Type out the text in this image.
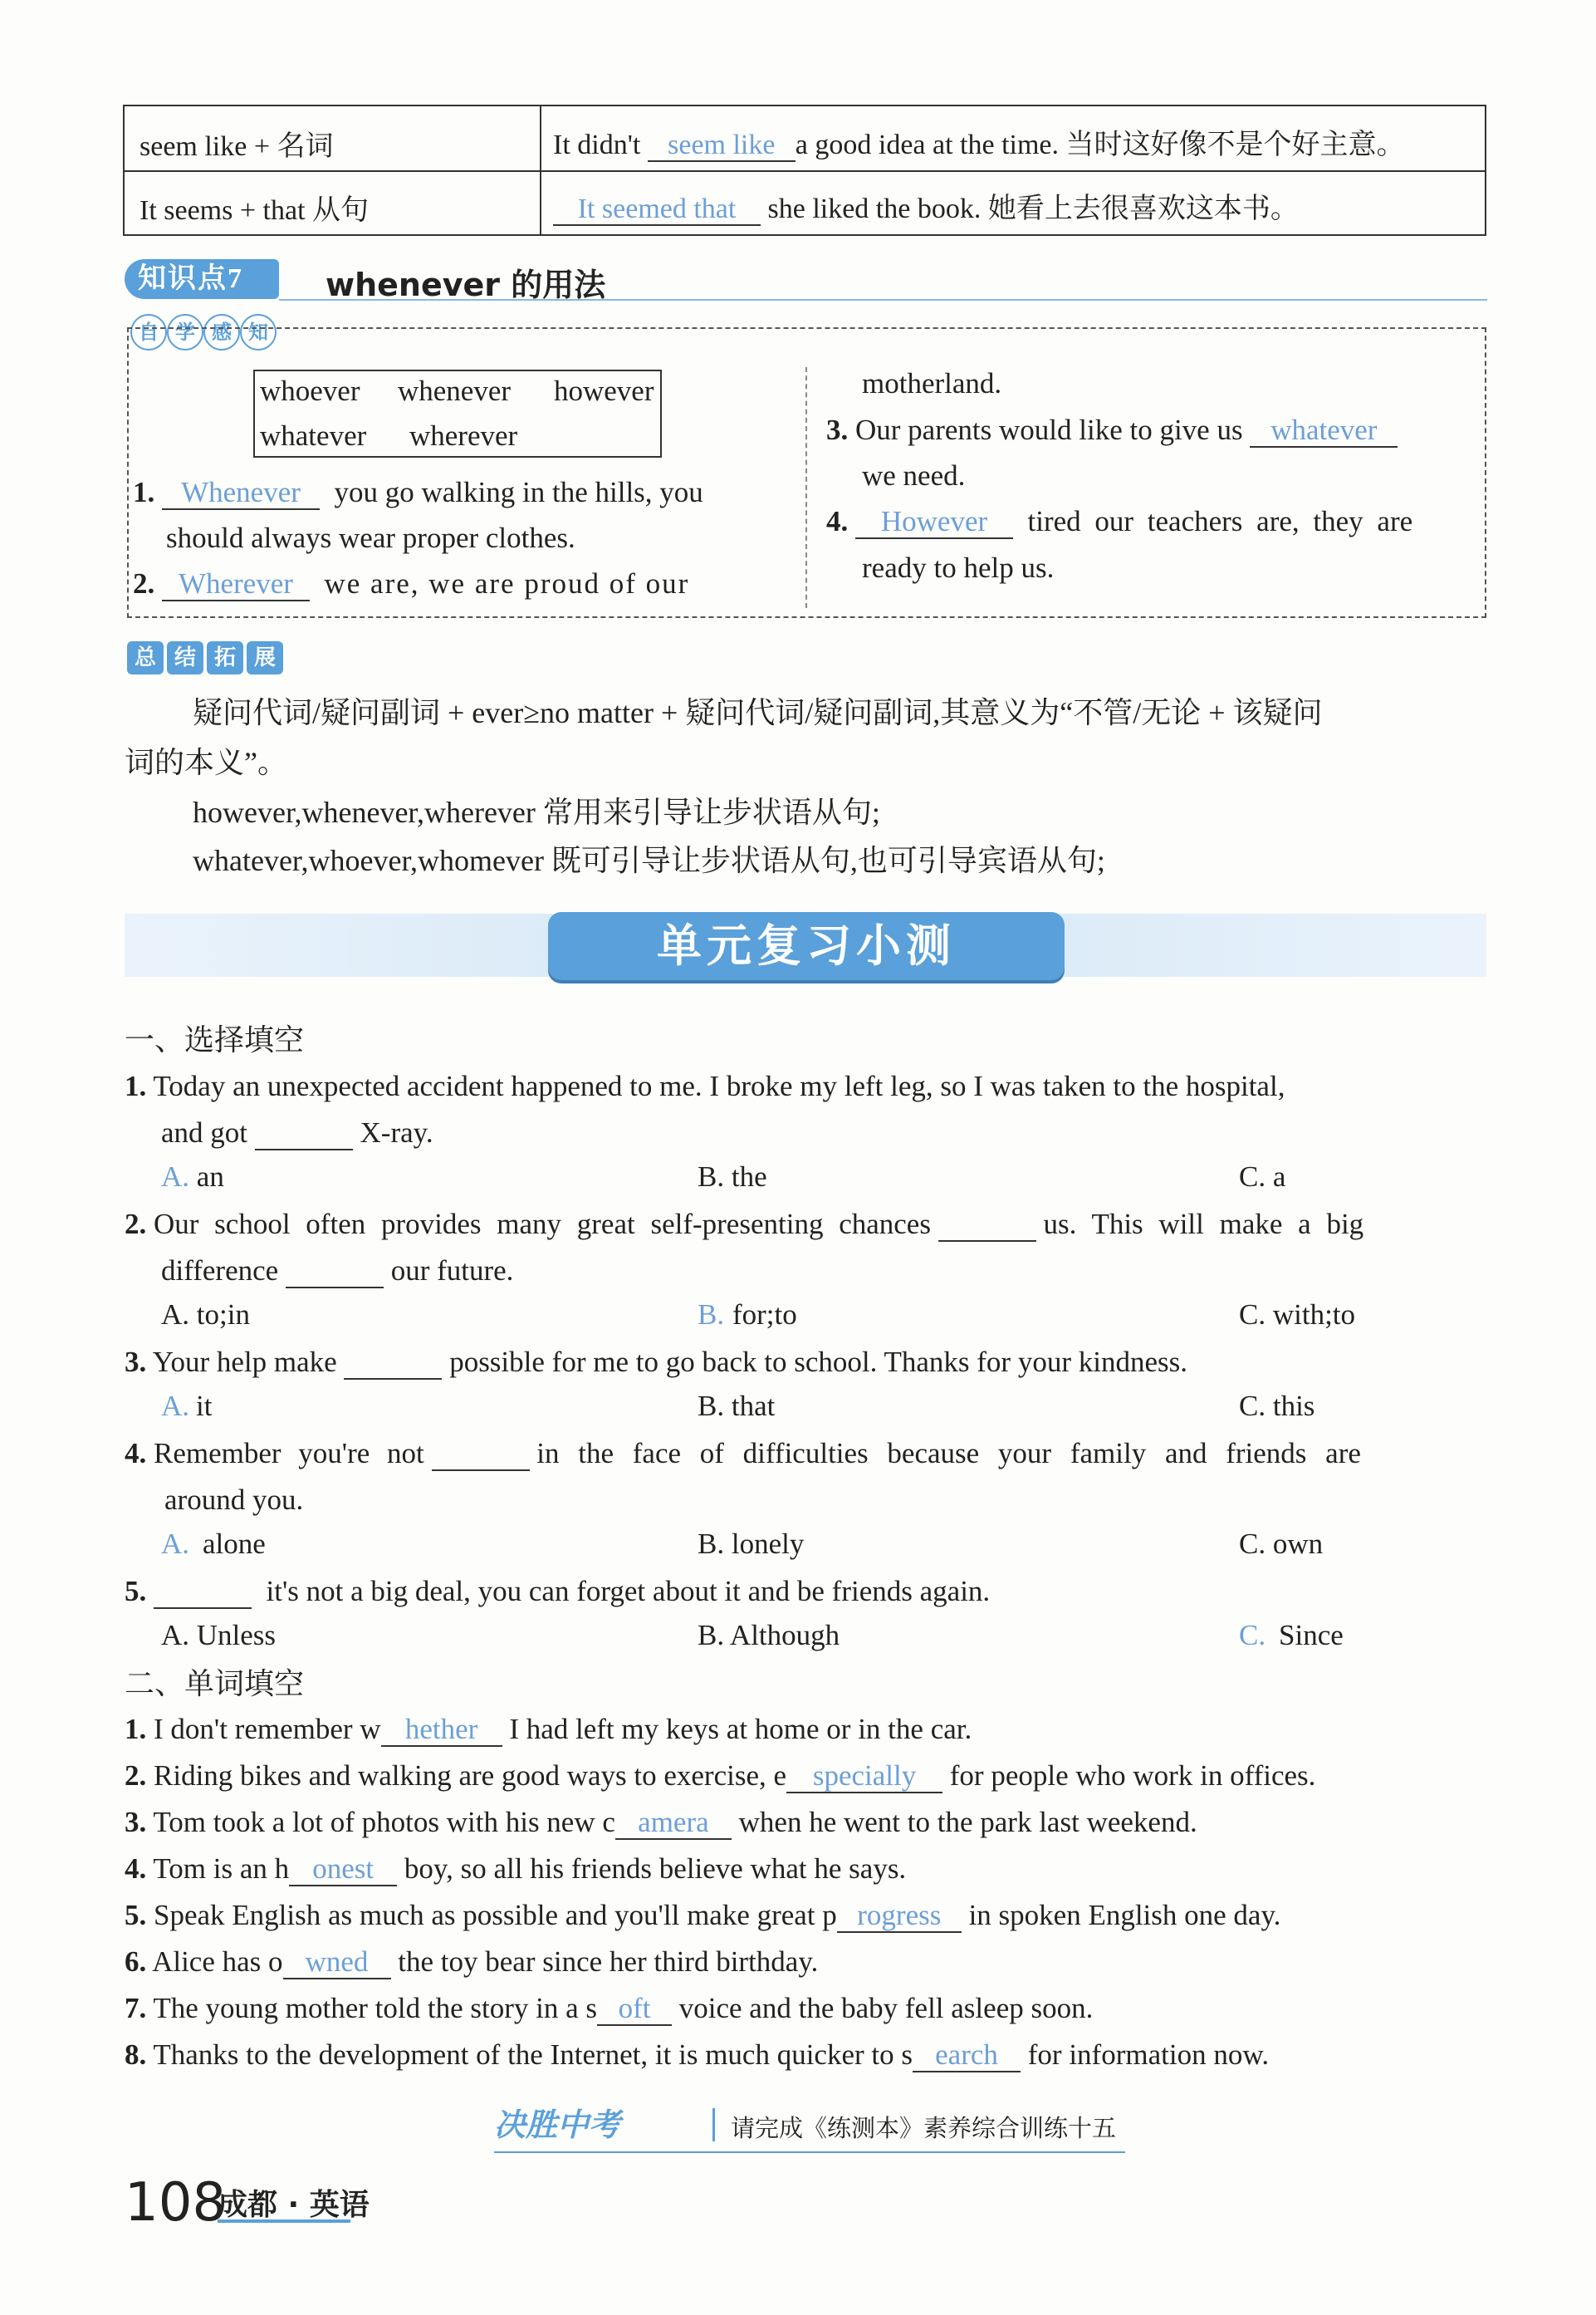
seem like + 名词	It didn't seem like a good idea at the time. 当时这好像不是个好主意。
It seems + that 从句	It seemed that she liked the book. 她看上去很喜欢这本书。
知识点7	whenever 的用法
自 学 感 知
whoever whenever however
whatever wherever
1. Whenever you go walking in the hills, you
should always wear proper clothes.
2. Wherever we are, we are proud of our
motherland.
3. Our parents would like to give us whatever
we need.
4. However tired our teachers are, they are
ready to help us.
总 结 拓 展
疑问代词/疑问副词 + ever≥no matter + 疑问代词/疑问副词,其意义为“不管/无论 + 该疑问
词的本义”。
however,whenever,wherever 常用来引导让步状语从句;
whatever,whoever,whomever 既可引导让步状语从句,也可引导宾语从句;
单元复习小测
一、选择填空
1. Today an unexpected accident happened to me. I broke my left leg, so I was taken to the hospital,
and got	X-ray.
A. an	B. the	C. a
2. Our school often provides many great self-presenting chances	us. This will make a big
difference	our future.
A. to;in	B. for;to	C. with;to
3. Your help make	possible for me to go back to school. Thanks for your kindness.
A. it	B. that	C. this
4. Remember you're not	in the face of difficulties because your family and friends are
around you.
A. alone	B. lonely	C. own
5.	it's not a big deal, you can forget about it and be friends again.
A. Unless	B. Although	C. Since
二、单词填空
1. I don't remember w hether I had left my keys at home or in the car.
2. Riding bikes and walking are good ways to exercise, e specially for people who work in offices.
3. Tom took a lot of photos with his new c amera when he went to the park last weekend.
4. Tom is an h onest boy, so all his friends believe what he says.
5. Speak English as much as possible and you'll make great p rogress in spoken English one day.
6. Alice has o wned the toy bear since her third birthday.
7. The young mother told the story in a s oft voice and the baby fell asleep soon.
8. Thanks to the development of the Internet, it is much quicker to s earch for information now.
决胜中考	请完成《练测本》素养综合训练十五
108
成都 · 英语
